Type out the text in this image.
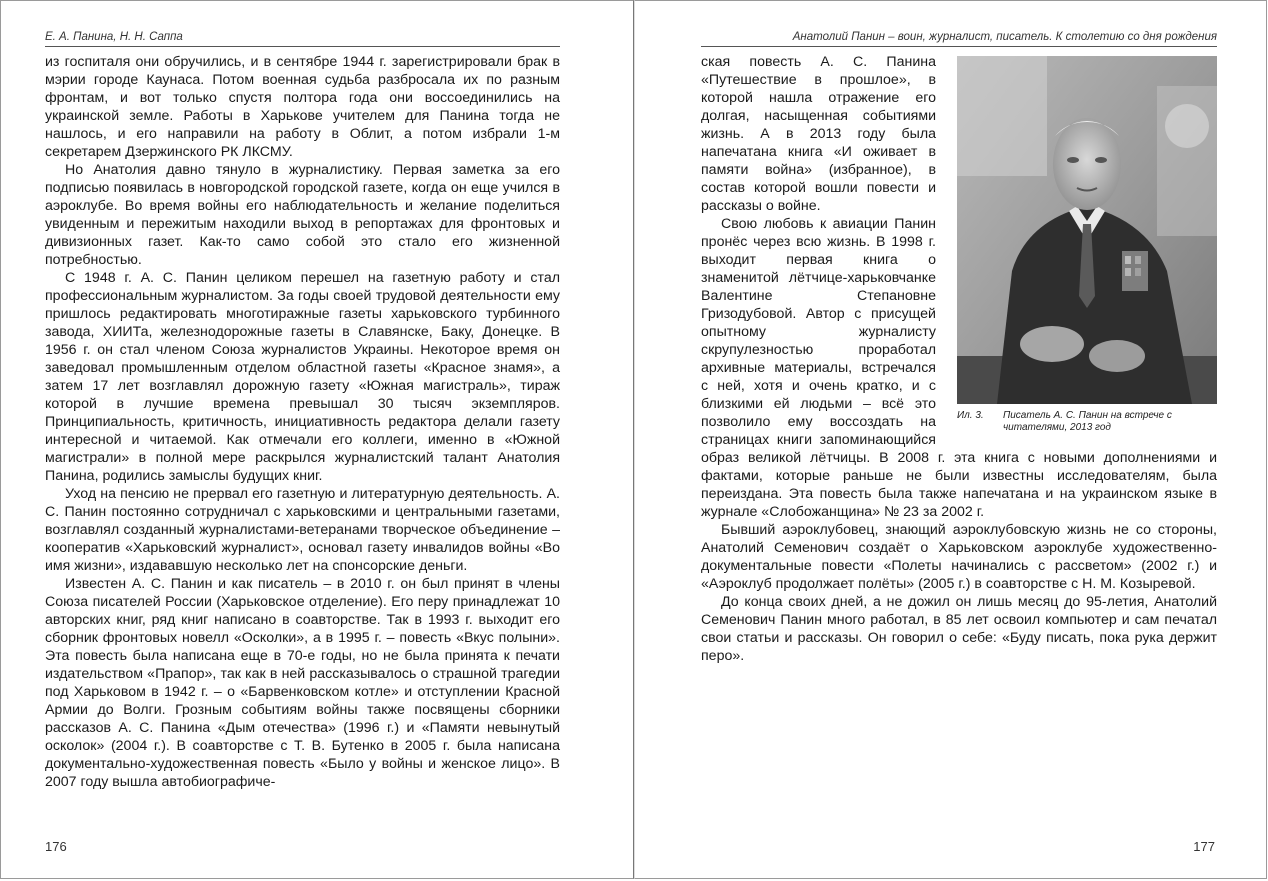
Е. А. Панина, Н. Н. Саппа

из госпиталя они обручились, и в сентябре 1944 г. зарегистрировали брак в мэрии городе Каунаса. Потом военная судьба разбросала их по разным фронтам, и вот только спустя полтора года они воссоединились на украинской земле. Работы в Харькове учителем для Панина тогда не нашлось, и его направили на работу в Облит, а потом избрали 1-м секретарем Дзержинского РК ЛКСМУ.

Но Анатолия давно тянуло в журналистику. Первая заметка за его подписью появилась в новгородской городской газете, когда он еще учился в аэроклубе. Во время войны его наблюдательность и желание поделиться увиденным и пережитым находили выход в репортажах для фронтовых и дивизионных газет. Как-то само собой это стало его жизненной потребностью.

С 1948 г. А. С. Панин целиком перешел на газетную работу и стал профессиональным журналистом. За годы своей трудовой деятельности ему пришлось редактировать многотиражные газеты харьковского турбинного завода, ХИИТа, железнодорожные газеты в Славянске, Баку, Донецке. В 1956 г. он стал членом Союза журналистов Украины. Некоторое время он заведовал промышленным отделом областной газеты «Красное знамя», а затем 17 лет возглавлял дорожную газету «Южная магистраль», тираж которой в лучшие времена превышал 30 тысяч экземпляров. Принципиальность, критичность, инициативность редактора делали газету интересной и читаемой. Как отмечали его коллеги, именно в «Южной магистрали» в полной мере раскрылся журналистский талант Анатолия Панина, родились замыслы будущих книг.

Уход на пенсию не прервал его газетную и литературную деятельность. А. С. Панин постоянно сотрудничал с харьковскими и центральными газетами, возглавлял созданный журналистами-ветеранами творческое объединение – кооператив «Харьковский журналист», основал газету инвалидов войны «Во имя жизни», издававшую несколько лет на спонсорские деньги.

Известен А. С. Панин и как писатель – в 2010 г. он был принят в члены Союза писателей России (Харьковское отделение). Его перу принадлежат 10 авторских книг, ряд книг написано в соавторстве. Так в 1993 г. выходит его сборник фронтовых новелл «Осколки», а в 1995 г. – повесть «Вкус полыни». Эта повесть была написана еще в 70-е годы, но не была принята к печати издательством «Прапор», так как в ней рассказывалось о страшной трагедии под Харьковом в 1942 г. – о «Барвенковском котле» и отступлении Красной Армии до Волги. Грозным событиям войны также посвящены сборники рассказов А. С. Панина «Дым отечества» (1996 г.) и «Памяти невынутый осколок» (2004 г.). В соавторстве с Т. В. Бутенко в 2005 г. была написана документально-художественная повесть «Было у войны и женское лицо». В 2007 году вышла автобиографиче-

176
Анатолий Панин – воин, журналист, писатель. К столетию со дня рождения
Ил. 3. Писатель А. С. Панин на встрече с читателями, 2013 год

ская повесть А. С. Панина «Путешествие в прошлое», в которой нашла отражение его долгая, насыщенная событиями жизнь. А в 2013 году была напечатана книга «И оживает в памяти война» (избранное), в состав которой вошли повести и рассказы о войне.

Свою любовь к авиации Панин пронёс через всю жизнь. В 1998 г. выходит первая книга о знаменитой лётчице-харьковчанке Валентине Степановне Гризодубовой. Автор с присущей опытному журналисту скрупулезностью проработал архивные материалы, встречался с ней, хотя и очень кратко, и с близкими ей людьми – всё это позволило ему воссоздать на страницах книги запоминающийся образ великой лётчицы. В 2008 г. эта книга с новыми дополнениями и фактами, которые раньше не были известны исследователям, была переиздана. Эта повесть была также напечатана и на украинском языке в журнале «Слобожанщина» № 23 за 2002 г.

Бывший аэроклубовец, знающий аэроклубовскую жизнь не со стороны, Анатолий Семенович создаёт о Харьковском аэроклубе художественно-документальные повести «Полеты начинались с рассветом» (2002 г.) и «Аэроклуб продолжает полёты» (2005 г.) в соавторстве с Н. М. Козыревой.

До конца своих дней, а не дожил он лишь месяц до 95-летия, Анатолий Семенович Панин много работал, в 85 лет освоил компьютер и сам печатал свои статьи и рассказы. Он говорил о себе: «Буду писать, пока рука держит перо».

177
